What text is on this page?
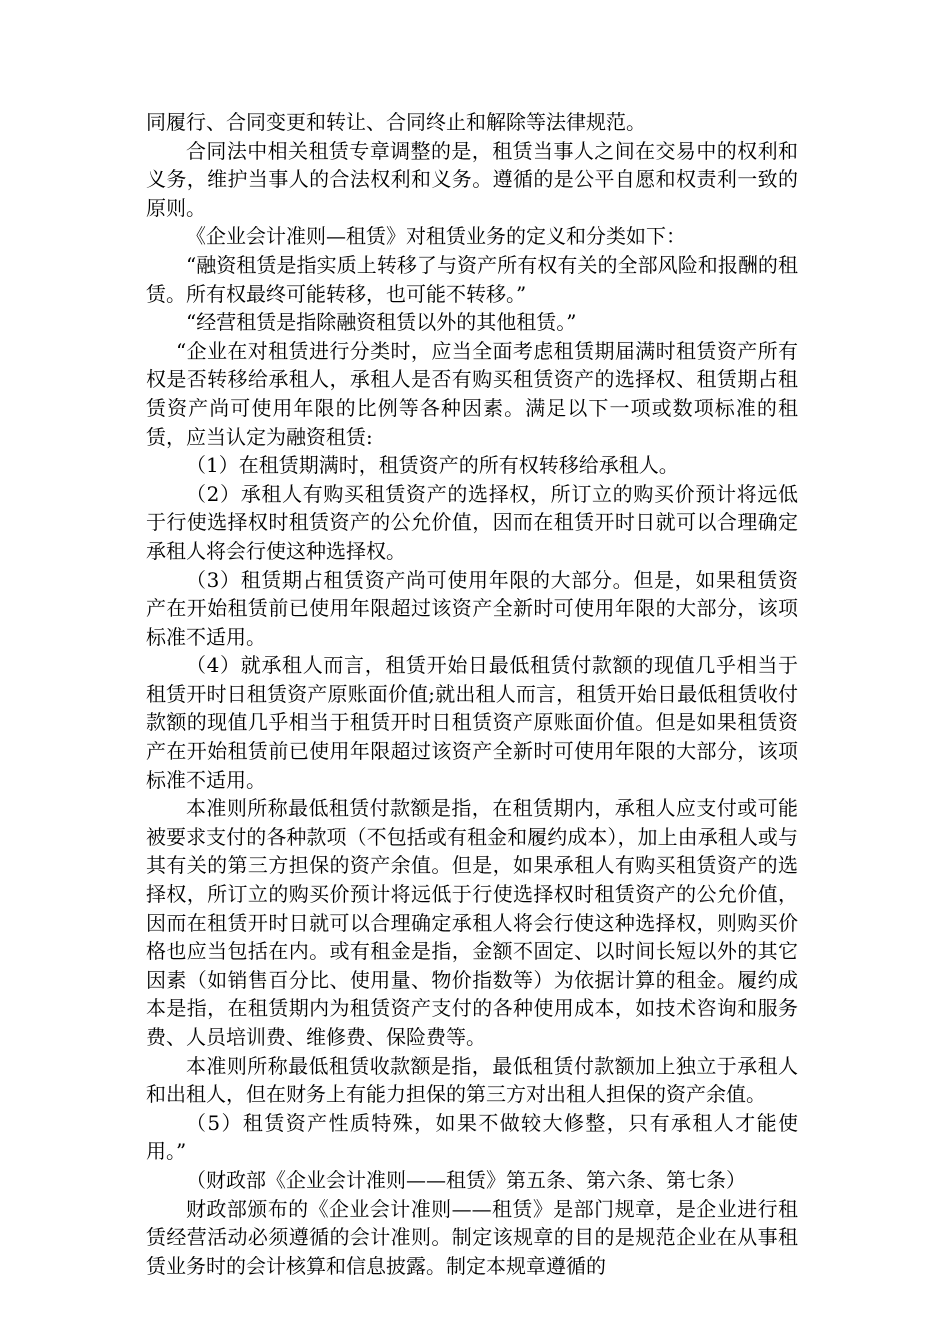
同履行、合同变更和转让、合同终止和解除等法律规范。

合同法中相关租赁专章调整的是，租赁当事人之间在交易中的权利和义务，维护当事人的合法权利和义务。遵循的是公平自愿和权责利一致的原则。

《企业会计准则—租赁》对租赁业务的定义和分类如下：

“融资租赁是指实质上转移了与资产所有权有关的全部风险和报酬的租赁。所有权最终可能转移，也可能不转移。”

“经营租赁是指除融资租赁以外的其他租赁。”

“企业在对租赁进行分类时，应当全面考虑租赁期届满时租赁资产所有权是否转移给承租人，承租人是否有购买租赁资产的选择权、租赁期占租赁资产尚可使用年限的比例等各种因素。满足以下一项或数项标准的租赁，应当认定为融资租赁:

（1）在租赁期满时，租赁资产的所有权转移给承租人。

（2）承租人有购买租赁资产的选择权，所订立的购买价预计将远低于行使选择权时租赁资产的公允价值，因而在租赁开时日就可以合理确定承租人将会行使这种选择权。

（3）租赁期占租赁资产尚可使用年限的大部分。但是，如果租赁资产在开始租赁前已使用年限超过该资产全新时可使用年限的大部分，该项标准不适用。

（4）就承租人而言，租赁开始日最低租赁付款额的现值几乎相当于租赁开时日租赁资产原账面价值;就出租人而言，租赁开始日最低租赁收付款额的现值几乎相当于租赁开时日租赁资产原账面价值。但是如果租赁资产在开始租赁前已使用年限超过该资产全新时可使用年限的大部分，该项标准不适用。

本准则所称最低租赁付款额是指，在租赁期内，承租人应支付或可能被要求支付的各种款项（不包括或有租金和履约成本），加上由承租人或与其有关的第三方担保的资产余值。但是，如果承租人有购买租赁资产的选择权，所订立的购买价预计将远低于行使选择权时租赁资产的公允价值，因而在租赁开时日就可以合理确定承租人将会行使这种选择权，则购买价格也应当包括在内。或有租金是指，金额不固定、以时间长短以外的其它因素（如销售百分比、使用量、物价指数等）为依据计算的租金。履约成本是指，在租赁期内为租赁资产支付的各种使用成本，如技术咨询和服务费、人员培训费、维修费、保险费等。

本准则所称最低租赁收款额是指，最低租赁付款额加上独立于承租人和出租人，但在财务上有能力担保的第三方对出租人担保的资产余值。

（5）租赁资产性质特殊，如果不做较大修整，只有承租人才能使用。”

（财政部《企业会计准则——租赁》第五条、第六条、第七条）

财政部颁布的《企业会计准则——租赁》是部门规章，是企业进行租赁经营活动必须遵循的会计准则。制定该规章的目的是规范企业在从事租赁业务时的会计核算和信息披露。制定本规章遵循的
